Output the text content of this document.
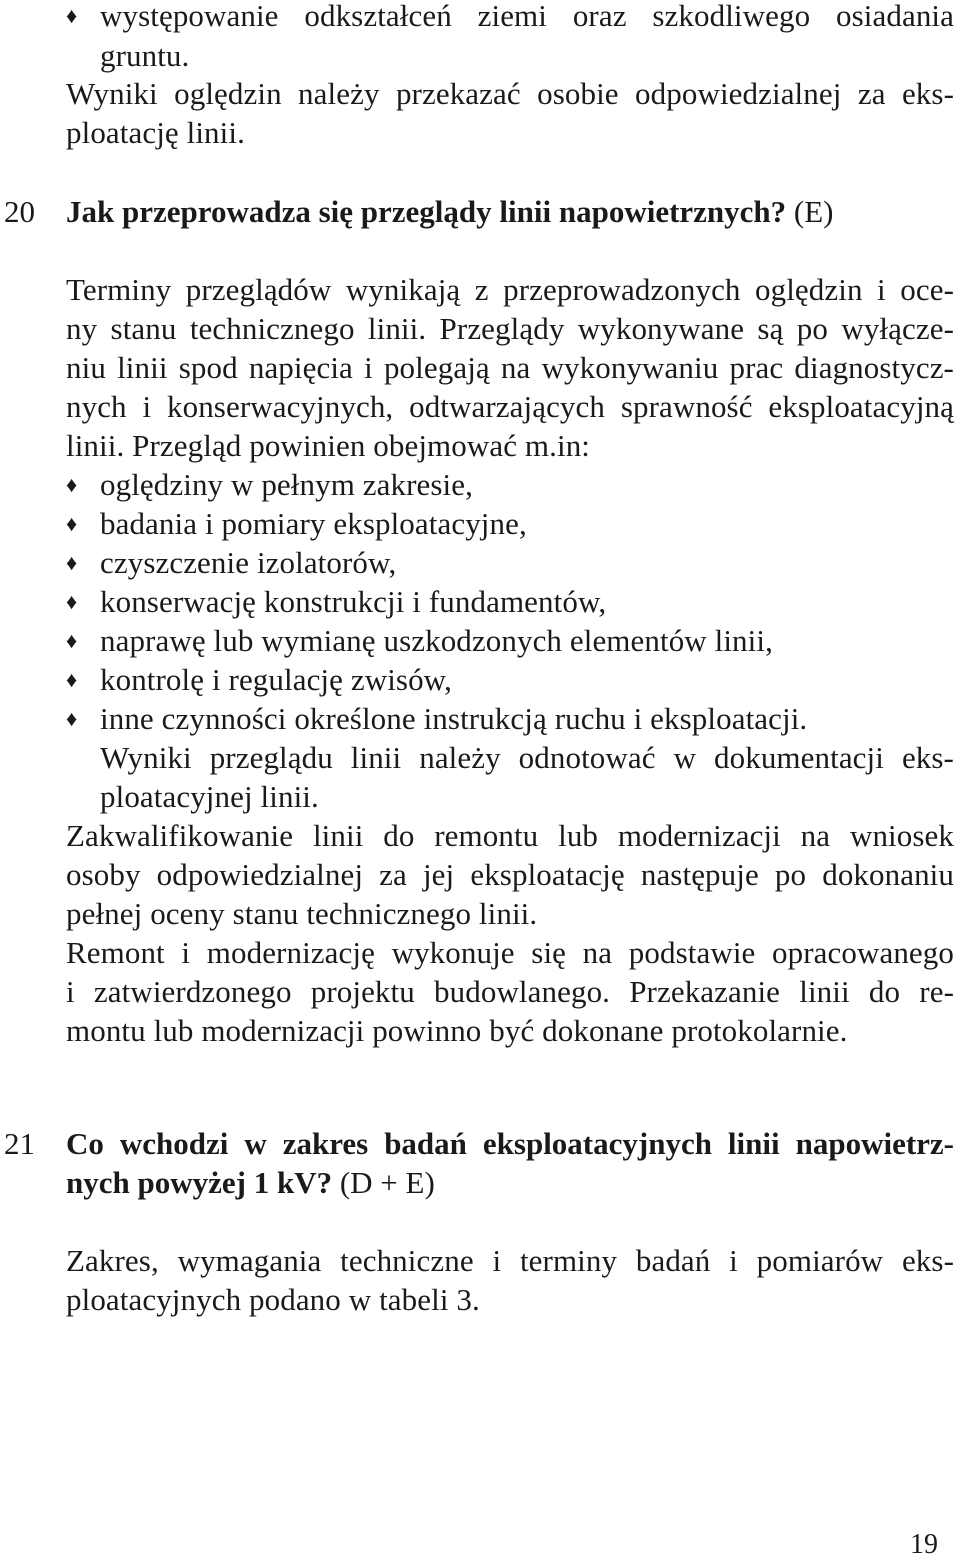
♦ występowanie odkształceń ziemi oraz szkodliwego osiadania
gruntu.
Wyniki oględzin należy przekazać osobie odpowiedzialnej za eks-
ploatację linii.
20 Jak przeprowadza się przeglądy linii napowietrznych? (E)
Terminy przeglądów wynikają z przeprowadzonych oględzin i oce-
ny stanu technicznego linii. Przeglądy wykonywane są po wyłącze-
niu linii spod napięcia i polegają na wykonywaniu prac diagnostycz-
nych i konserwacyjnych, odtwarzających sprawność eksploatacyjną
linii. Przegląd powinien obejmować m.in:
♦ oględziny w pełnym zakresie,
♦ badania i pomiary eksploatacyjne,
♦ czyszczenie izolatorów,
♦ konserwację konstrukcji i fundamentów,
♦ naprawę lub wymianę uszkodzonych elementów linii,
♦ kontrolę i regulację zwisów,
♦ inne czynności określone instrukcją ruchu i eksploatacji.
Wyniki przeglądu linii należy odnotować w dokumentacji eks-
ploatacyjnej linii.
Zakwalifikowanie linii do remontu lub modernizacji na wniosek
osoby odpowiedzialnej za jej eksploatację następuje po dokonaniu
pełnej oceny stanu technicznego linii.
Remont i modernizację wykonuje się na podstawie opracowanego
i zatwierdzonego projektu budowlanego. Przekazanie linii do re-
montu lub modernizacji powinno być dokonane protokolarnie.
21 Co wchodzi w zakres badań eksploatacyjnych linii napowietrz-
nych powyżej 1 kV? (D + E)
Zakres, wymagania techniczne i terminy badań i pomiarów eks-
ploatacyjnych podano w tabeli 3.
19
